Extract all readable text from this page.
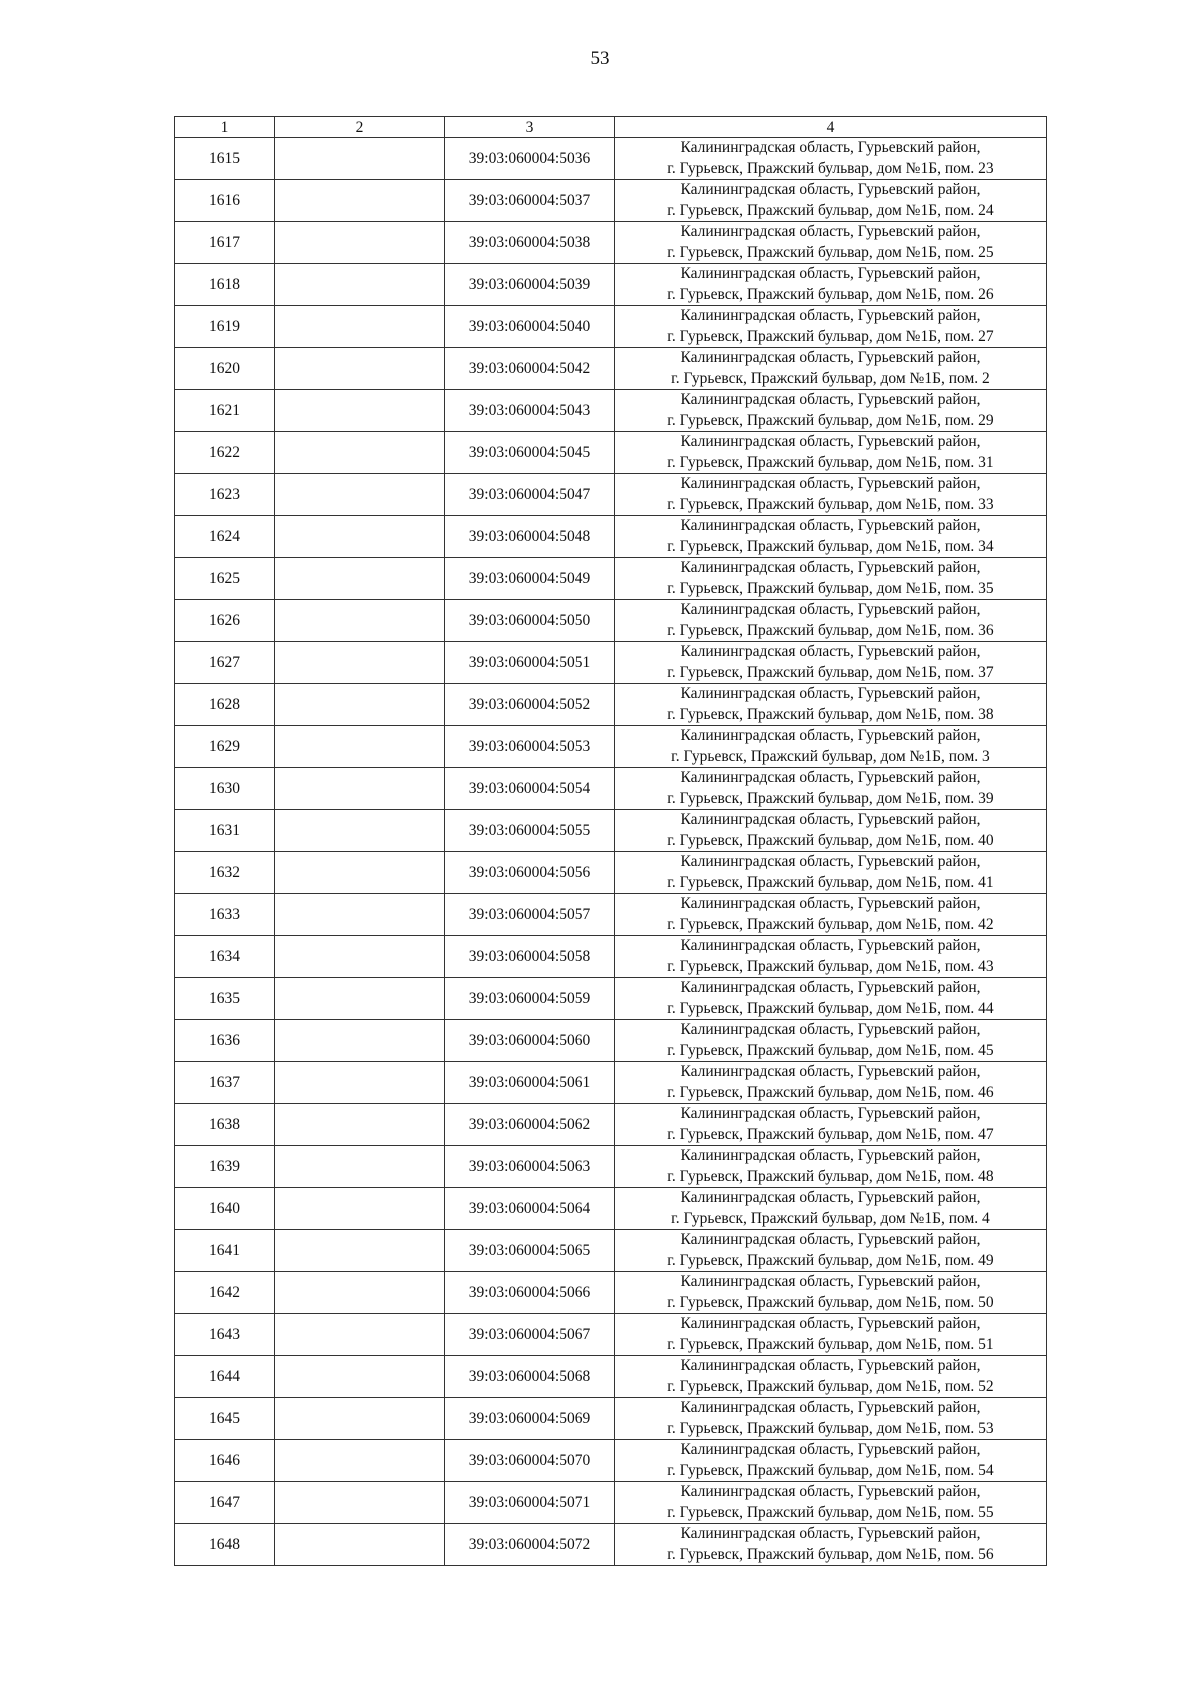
53
1	2	3	4
1615		39:03:060004:5036	Калининградская область, Гурьевский район,
г. Гурьевск, Пражский бульвар, дом №1Б, пом. 23

1616		39:03:060004:5037	Калининградская область, Гурьевский район,
г. Гурьевск, Пражский бульвар, дом №1Б, пом. 24

1617		39:03:060004:5038	Калининградская область, Гурьевский район,
г. Гурьевск, Пражский бульвар, дом №1Б, пом. 25

1618		39:03:060004:5039	Калининградская область, Гурьевский район,
г. Гурьевск, Пражский бульвар, дом №1Б, пом. 26

1619		39:03:060004:5040	Калининградская область, Гурьевский район,
г. Гурьевск, Пражский бульвар, дом №1Б, пом. 27

1620		39:03:060004:5042	Калининградская область, Гурьевский район,
г. Гурьевск, Пражский бульвар, дом №1Б, пом. 2

1621		39:03:060004:5043	Калининградская область, Гурьевский район,
г. Гурьевск, Пражский бульвар, дом №1Б, пом. 29

1622		39:03:060004:5045	Калининградская область, Гурьевский район,
г. Гурьевск, Пражский бульвар, дом №1Б, пом. 31

1623		39:03:060004:5047	Калининградская область, Гурьевский район,
г. Гурьевск, Пражский бульвар, дом №1Б, пом. 33

1624		39:03:060004:5048	Калининградская область, Гурьевский район,
г. Гурьевск, Пражский бульвар, дом №1Б, пом. 34

1625		39:03:060004:5049	Калининградская область, Гурьевский район,
г. Гурьевск, Пражский бульвар, дом №1Б, пом. 35

1626		39:03:060004:5050	Калининградская область, Гурьевский район,
г. Гурьевск, Пражский бульвар, дом №1Б, пом. 36

1627		39:03:060004:5051	Калининградская область, Гурьевский район,
г. Гурьевск, Пражский бульвар, дом №1Б, пом. 37

1628		39:03:060004:5052	Калининградская область, Гурьевский район,
г. Гурьевск, Пражский бульвар, дом №1Б, пом. 38

1629		39:03:060004:5053	Калининградская область, Гурьевский район,
г. Гурьевск, Пражский бульвар, дом №1Б, пом. 3

1630		39:03:060004:5054	Калининградская область, Гурьевский район,
г. Гурьевск, Пражский бульвар, дом №1Б, пом. 39

1631		39:03:060004:5055	Калининградская область, Гурьевский район,
г. Гурьевск, Пражский бульвар, дом №1Б, пом. 40

1632		39:03:060004:5056	Калининградская область, Гурьевский район,
г. Гурьевск, Пражский бульвар, дом №1Б, пом. 41

1633		39:03:060004:5057	Калининградская область, Гурьевский район,
г. Гурьевск, Пражский бульвар, дом №1Б, пом. 42

1634		39:03:060004:5058	Калининградская область, Гурьевский район,
г. Гурьевск, Пражский бульвар, дом №1Б, пом. 43

1635		39:03:060004:5059	Калининградская область, Гурьевский район,
г. Гурьевск, Пражский бульвар, дом №1Б, пом. 44

1636		39:03:060004:5060	Калининградская область, Гурьевский район,
г. Гурьевск, Пражский бульвар, дом №1Б, пом. 45

1637		39:03:060004:5061	Калининградская область, Гурьевский район,
г. Гурьевск, Пражский бульвар, дом №1Б, пом. 46

1638		39:03:060004:5062	Калининградская область, Гурьевский район,
г. Гурьевск, Пражский бульвар, дом №1Б, пом. 47

1639		39:03:060004:5063	Калининградская область, Гурьевский район,
г. Гурьевск, Пражский бульвар, дом №1Б, пом. 48

1640		39:03:060004:5064	Калининградская область, Гурьевский район,
г. Гурьевск, Пражский бульвар, дом №1Б, пом. 4

1641		39:03:060004:5065	Калининградская область, Гурьевский район,
г. Гурьевск, Пражский бульвар, дом №1Б, пом. 49

1642		39:03:060004:5066	Калининградская область, Гурьевский район,
г. Гурьевск, Пражский бульвар, дом №1Б, пом. 50

1643		39:03:060004:5067	Калининградская область, Гурьевский район,
г. Гурьевск, Пражский бульвар, дом №1Б, пом. 51

1644		39:03:060004:5068	Калининградская область, Гурьевский район,
г. Гурьевск, Пражский бульвар, дом №1Б, пом. 52

1645		39:03:060004:5069	Калининградская область, Гурьевский район,
г. Гурьевск, Пражский бульвар, дом №1Б, пом. 53

1646		39:03:060004:5070	Калининградская область, Гурьевский район,
г. Гурьевск, Пражский бульвар, дом №1Б, пом. 54

1647		39:03:060004:5071	Калининградская область, Гурьевский район,
г. Гурьевск, Пражский бульвар, дом №1Б, пом. 55

1648		39:03:060004:5072	Калининградская область, Гурьевский район,
г. Гурьевск, Пражский бульвар, дом №1Б, пом. 56
